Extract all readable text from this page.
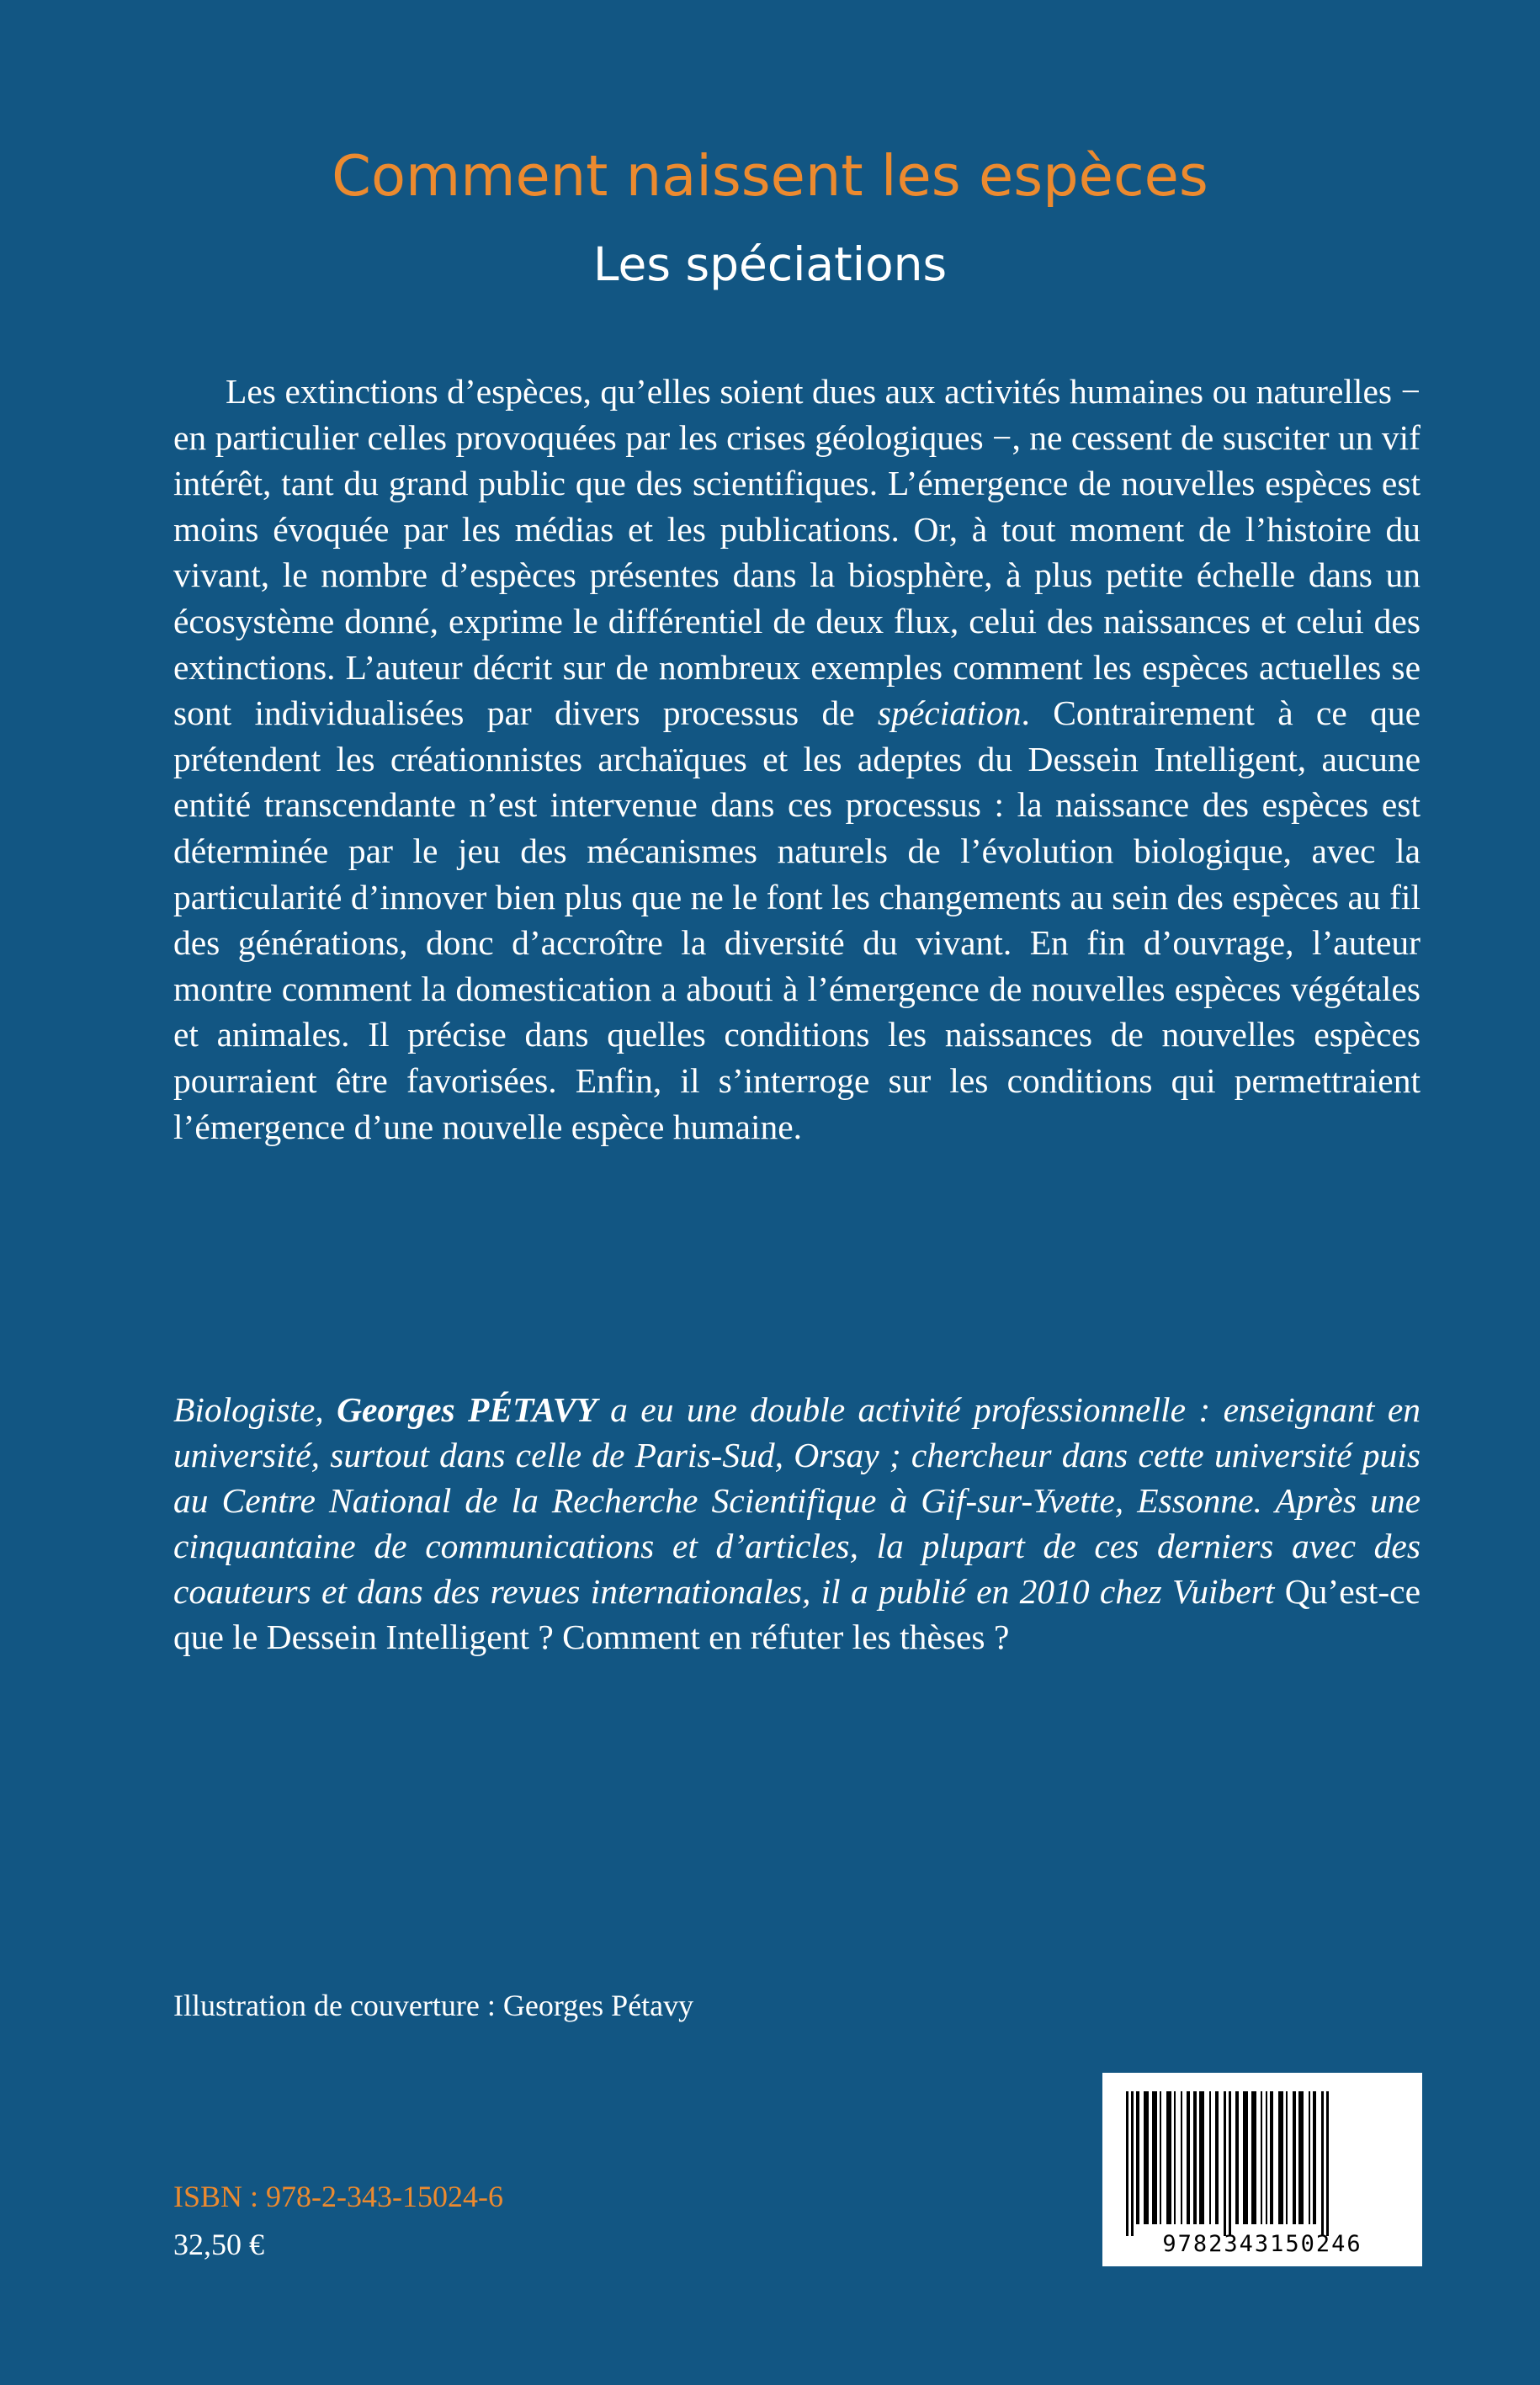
Comment naissent les espèces
Les spéciations

Les extinctions d’espèces, qu’elles soient dues aux activités humaines ou naturelles − en particulier celles provoquées par les crises géologiques −, ne cessent de susciter un vif intérêt, tant du grand public que des scientifiques. L’émergence de nouvelles espèces est moins évoquée par les médias et les publications. Or, à tout moment de l’histoire du vivant, le nombre d’espèces présentes dans la biosphère, à plus petite échelle dans un écosystème donné, exprime le différentiel de deux flux, celui des naissances et celui des extinctions. L’auteur décrit sur de nombreux exemples comment les espèces actuelles se sont individualisées par divers processus de spéciation. Contrairement à ce que prétendent les créationnistes archaïques et les adeptes du Dessein Intelligent, aucune entité transcendante n’est intervenue dans ces processus : la naissance des espèces est déterminée par le jeu des mécanismes naturels de l’évolution biologique, avec la particularité d’innover bien plus que ne le font les changements au sein des espèces au fil des générations, donc d’accroître la diversité du vivant. En fin d’ouvrage, l’auteur montre comment la domestication a abouti à l’émergence de nouvelles espèces végétales et animales. Il précise dans quelles conditions les naissances de nouvelles espèces pourraient être favorisées. Enfin, il s’interroge sur les conditions qui permettraient l’émergence d’une nouvelle espèce humaine.

Biologiste, Georges PÉTAVY a eu une double activité professionnelle : enseignant en université, surtout dans celle de Paris-Sud, Orsay ; chercheur dans cette université puis au Centre National de la Recherche Scientifique à Gif-sur-Yvette, Essonne. Après une cinquantaine de communications et d’articles, la plupart de ces derniers avec des coauteurs et dans des revues internationales, il a publié en 2010 chez Vuibert Qu’est-ce que le Dessein Intelligent ? Comment en réfuter les thèses ?

Illustration de couverture : Georges Pétavy
ISBN : 978-2-343-15024-6
32,50 €	9782343150246
